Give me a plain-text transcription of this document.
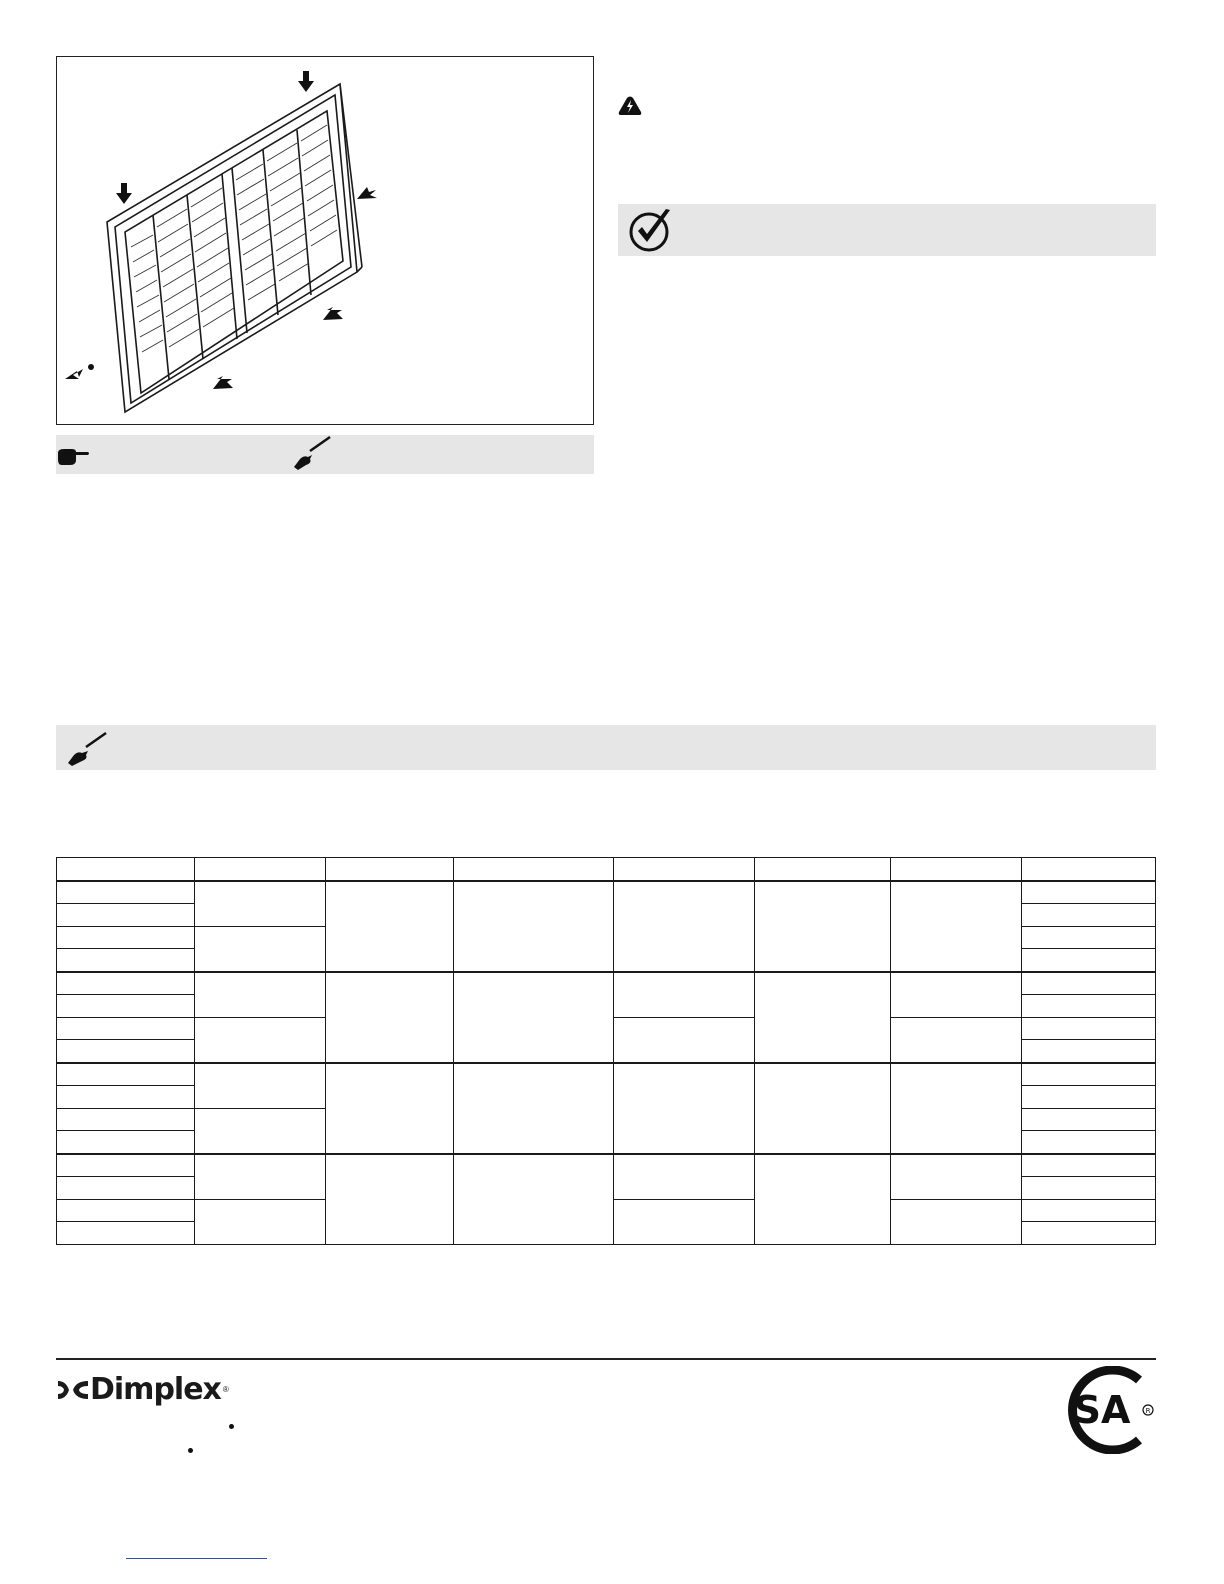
Dimplex ®	SA R
